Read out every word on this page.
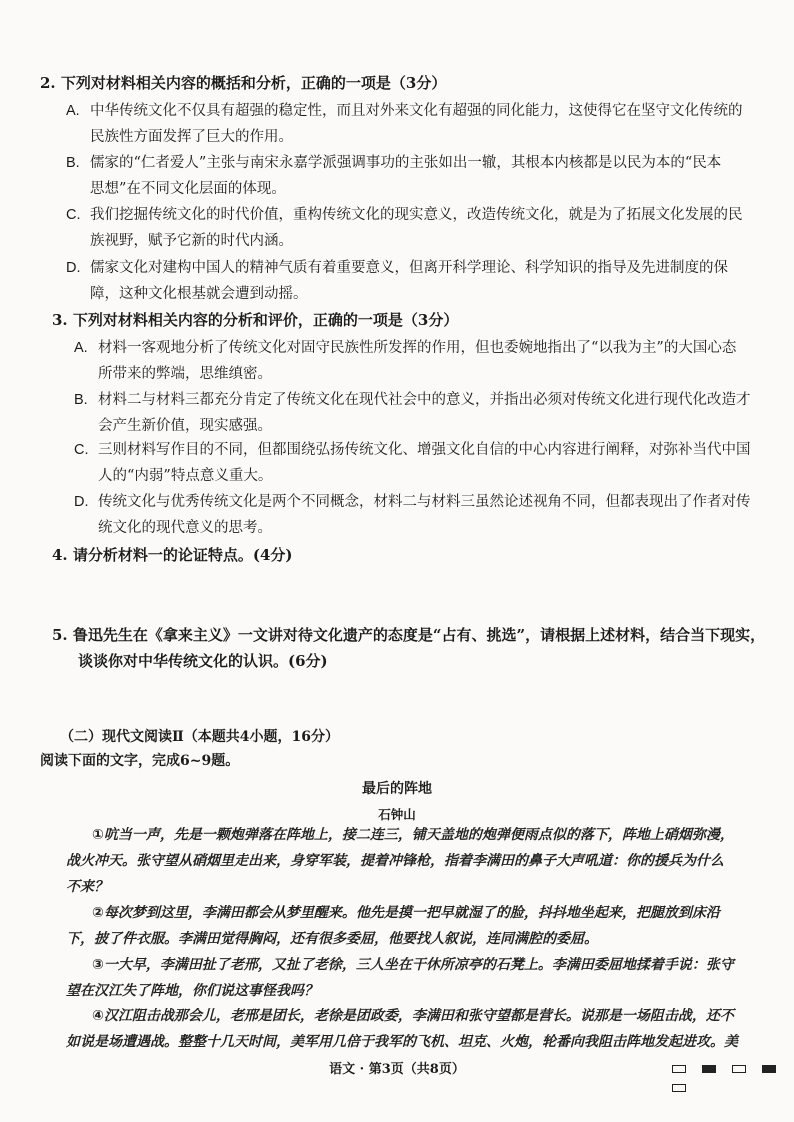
2. 下列对材料相关内容的概括和分析，正确的一项是（3分）
A. 中华传统文化不仅具有超强的稳定性，而且对外来文化有超强的同化能力，这使得它在坚守文化传统的
民族性方面发挥了巨大的作用。
B. 儒家的“仁者爱人”主张与南宋永嘉学派强调事功的主张如出一辙，其根本内核都是以民为本的“民本
思想”在不同文化层面的体现。
C. 我们挖掘传统文化的时代价值，重构传统文化的现实意义，改造传统文化，就是为了拓展文化发展的民
族视野，赋予它新的时代内涵。
D. 儒家文化对建构中国人的精神气质有着重要意义，但离开科学理论、科学知识的指导及先进制度的保
障，这种文化根基就会遭到动摇。
3. 下列对材料相关内容的分析和评价，正确的一项是（3分）
A. 材料一客观地分析了传统文化对固守民族性所发挥的作用，但也委婉地指出了“以我为主”的大国心态
所带来的弊端，思维缜密。
B. 材料二与材料三都充分肯定了传统文化在现代社会中的意义，并指出必须对传统文化进行现代化改造才
会产生新价值，现实感强。
C. 三则材料写作目的不同，但都围绕弘扬传统文化、增强文化自信的中心内容进行阐释，对弥补当代中国
人的“内弱”特点意义重大。
D. 传统文化与优秀传统文化是两个不同概念，材料二与材料三虽然论述视角不同，但都表现出了作者对传
统文化的现代意义的思考。
4. 请分析材料一的论证特点。(4分)
5. 鲁迅先生在《拿来主义》一文讲对待文化遗产的态度是“占有、挑选”，请根据上述材料，结合当下现实，
谈谈你对中华传统文化的认识。(6分)
（二）现代文阅读Ⅱ（本题共4小题，16分）
阅读下面的文字，完成6~9题。
最后的阵地
石钟山
①吭当一声，先是一颗炮弹落在阵地上，接二连三，铺天盖地的炮弹便雨点似的落下，阵地上硝烟弥漫，
战火冲天。张守望从硝烟里走出来，身穿军装，提着冲锋枪，指着李满田的鼻子大声吼道：你的援兵为什么
不来？
②每次梦到这里，李满田都会从梦里醒来。他先是摸一把早就湿了的脸，抖抖地坐起来，把腿放到床沿
下，披了件衣服。李满田觉得胸闷，还有很多委屈，他要找人叙说，连同满腔的委屈。
③一大早，李满田扯了老邢，又扯了老徐，三人坐在干休所凉亭的石凳上。李满田委屈地揉着手说：张守
望在汉江失了阵地，你们说这事怪我吗？
④汉江阻击战那会儿，老邢是团长，老徐是团政委，李满田和张守望都是营长。说那是一场阻击战，还不
如说是场遭遇战。整整十几天时间，美军用几倍于我军的飞机、坦克、火炮，轮番向我阻击阵地发起进攻。美
语文 · 第3页（共8页）
